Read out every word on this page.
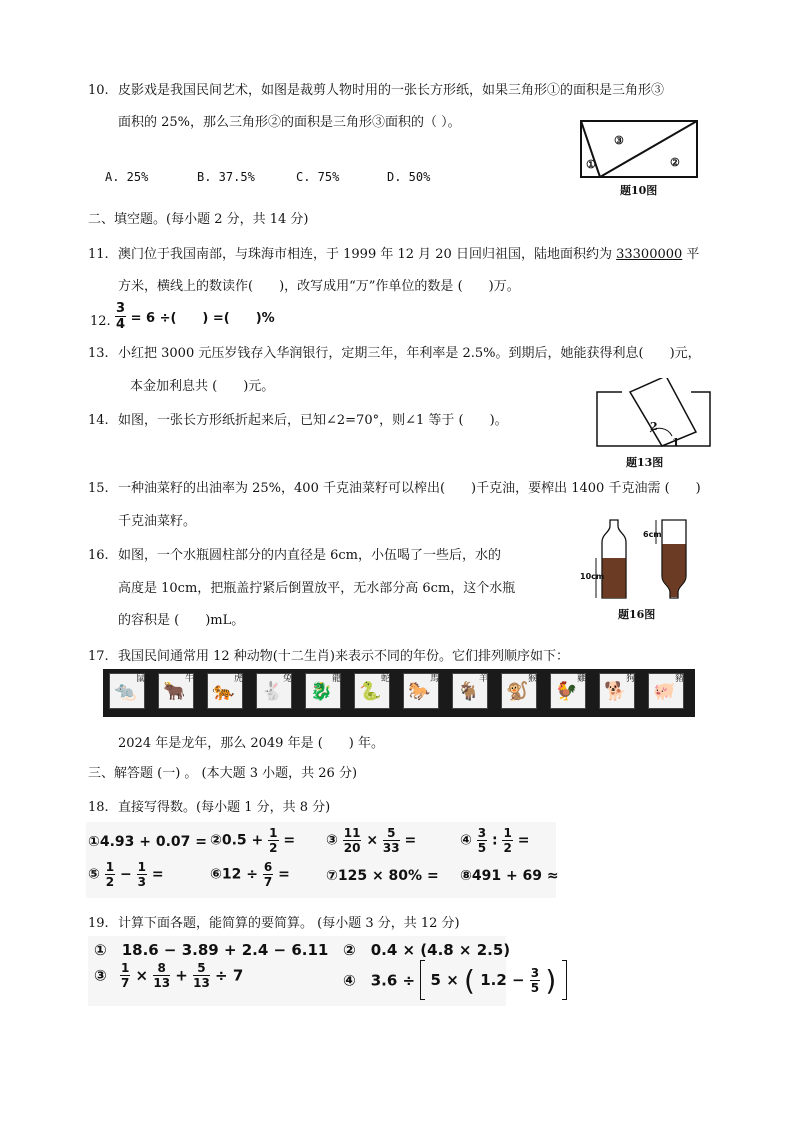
10. 皮影戏是我国民间艺术，如图是裁剪人物时用的一张长方形纸，如果三角形①的面积是三角形③
面积的 25%，那么三角形②的面积是三角形③面积的（ ）。
A. 25%	B. 37.5%	C. 75%	D. 50%
③
①	②
题10图
二、填空题。(每小题 2 分，共 14 分)
11. 澳门位于我国南部，与珠海市相连，于 1999 年 12 月 20 日回归祖国，陆地面积约为 33300000 平
方米，横线上的数读作(　　)，改写成用“万”作单位的数是 (　　)万。
12. $\frac{3}{4} = 6$ ÷(　　) =(　　)%
13. 小红把 3000 元压岁钱存入华润银行，定期三年，年利率是 2.5%。到期后，她能获得利息(　　)元，
本金加利息共 (　　)元。
14. 如图，一张长方形纸折起来后，已知∠2=70°，则∠1 等于 (　　)。	2
1
题13图
15. 一种油菜籽的出油率为 25%，400 千克油菜籽可以榨出(　　)千克油，要榨出 1400 千克油需 (　　)
千克油菜籽。
16. 如图，一个水瓶圆柱部分的内直径是 6cm，小伍喝了一些后，水的
高度是 10cm，把瓶盖拧紧后倒置放平，无水部分高 6cm，这个水瓶
的容积是 (　　)mL。
10cm
6cm
题16图
17. 我国民间通常用 12 种动物(十二生肖)来表示不同的年份。它们排列顺序如下：
鼠
🐀
牛
🐂
虎
🐅
兔
🐇
龍
🐉
蛇
🐍
馬
🐎
羊
🐐
猴
🐒
雞
🐓
狗
🐕
豬
🐖
2024 年是龙年，那么 2049 年是 (　　) 年。
三、解答题 (一) 。 (本大题 3 小题，共 26 分)
18. 直接写得数。(每小题 1 分，共 8 分)
①4.93 + 0.07 = ②0.5 + $\frac{1}{2}$ = ③ $\frac{11}{20} \times \frac{5}{33}$ =	④ $\frac{3}{5}$ : $\frac{1}{2}$ =
⑤ $\frac{1}{2} - \frac{1}{3}$ =	⑥12 ÷ $\frac{6}{7}$ =	⑦125 × 80% = ⑧491 + 69 ≈
19. 计算下面各题，能简算的要简算。 (每小题 3 分，共 12 分)
①　18.6 − 3.89 + 2.4 − 6.11 ②　0.4 × (4.8 × 2.5)
③ $\frac{1}{7} \times \frac{8}{13} + \frac{5}{13} \div 7$	④　3.6 ÷ 5 × ( $1.2 - \frac{3}{5}$ )
